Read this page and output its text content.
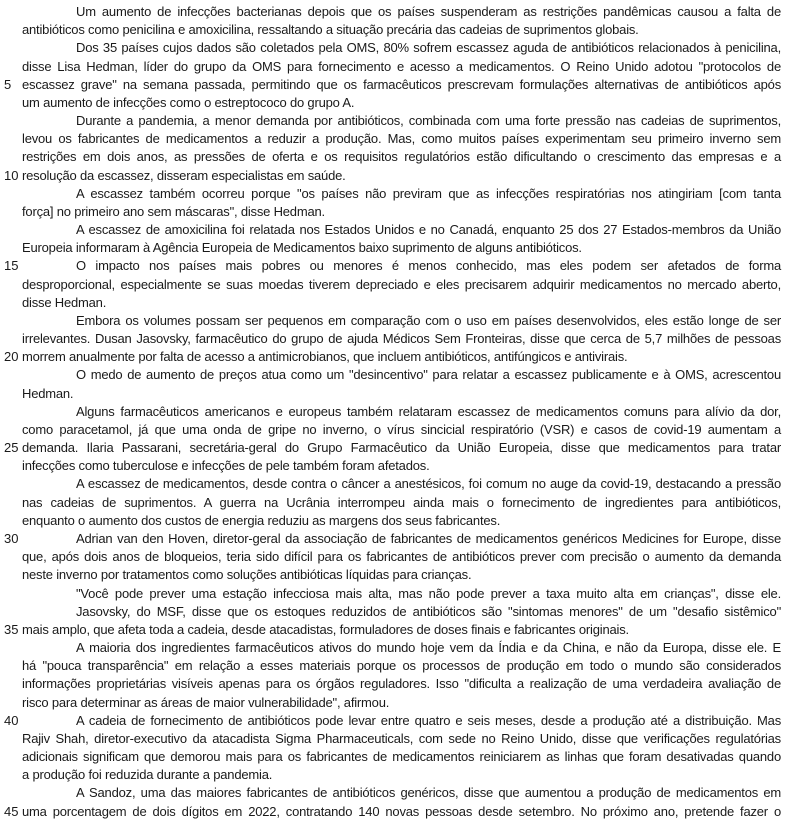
Um aumento de infecções bacterianas depois que os países suspenderam as restrições pandêmicas causou a falta de
antibióticos como penicilina e amoxicilina, ressaltando a situação precária das cadeias de suprimentos globais.
Dos 35 países cujos dados são coletados pela OMS, 80% sofrem escassez aguda de antibióticos relacionados à penicilina,
disse Lisa Hedman, líder do grupo da OMS para fornecimento e acesso a medicamentos. O Reino Unido adotou "protocolos de
5 escassez grave" na semana passada, permitindo que os farmacêuticos prescrevam formulações alternativas de antibióticos após
um aumento de infecções como o estreptococo do grupo A.
Durante a pandemia, a menor demanda por antibióticos, combinada com uma forte pressão nas cadeias de suprimentos,
levou os fabricantes de medicamentos a reduzir a produção. Mas, como muitos países experimentam seu primeiro inverno sem
restrições em dois anos, as pressões de oferta e os requisitos regulatórios estão dificultando o crescimento das empresas e a
10 resolução da escassez, disseram especialistas em saúde.
A escassez também ocorreu porque "os países não previram que as infecções respiratórias nos atingiriam [com tanta
força] no primeiro ano sem máscaras", disse Hedman.
A escassez de amoxicilina foi relatada nos Estados Unidos e no Canadá, enquanto 25 dos 27 Estados-membros da União
Europeia informaram à Agência Europeia de Medicamentos baixo suprimento de alguns antibióticos.
15	O impacto nos países mais pobres ou menores é menos conhecido, mas eles podem ser afetados de forma
desproporcional, especialmente se suas moedas tiverem depreciado e eles precisarem adquirir medicamentos no mercado aberto,
disse Hedman.
Embora os volumes possam ser pequenos em comparação com o uso em países desenvolvidos, eles estão longe de ser
irrelevantes. Dusan Jasovsky, farmacêutico do grupo de ajuda Médicos Sem Fronteiras, disse que cerca de 5,7 milhões de pessoas
20 morrem anualmente por falta de acesso a antimicrobianos, que incluem antibióticos, antifúngicos e antivirais.
O medo de aumento de preços atua como um "desincentivo" para relatar a escassez publicamente e à OMS, acrescentou
Hedman.
Alguns farmacêuticos americanos e europeus também relataram escassez de medicamentos comuns para alívio da dor,
como paracetamol, já que uma onda de gripe no inverno, o vírus sincicial respiratório (VSR) e casos de covid-19 aumentam a
25 demanda. Ilaria Passarani, secretária-geral do Grupo Farmacêutico da União Europeia, disse que medicamentos para tratar
infecções como tuberculose e infecções de pele também foram afetados.
A escassez de medicamentos, desde contra o câncer a anestésicos, foi comum no auge da covid-19, destacando a pressão
nas cadeias de suprimentos. A guerra na Ucrânia interrompeu ainda mais o fornecimento de ingredientes para antibióticos,
enquanto o aumento dos custos de energia reduziu as margens dos seus fabricantes.
30	Adrian van den Hoven, diretor-geral da associação de fabricantes de medicamentos genéricos Medicines for Europe, disse
que, após dois anos de bloqueios, teria sido difícil para os fabricantes de antibióticos prever com precisão o aumento da demanda
neste inverno por tratamentos como soluções antibióticas líquidas para crianças.
"Você pode prever uma estação infecciosa mais alta, mas não pode prever a taxa muito alta em crianças", disse ele.
Jasovsky, do MSF, disse que os estoques reduzidos de antibióticos são "sintomas menores" de um "desafio sistêmico"
35 mais amplo, que afeta toda a cadeia, desde atacadistas, formuladores de doses finais e fabricantes originais.
A maioria dos ingredientes farmacêuticos ativos do mundo hoje vem da Índia e da China, e não da Europa, disse ele. E
há "pouca transparência" em relação a esses materiais porque os processos de produção em todo o mundo são considerados
informações proprietárias visíveis apenas para os órgãos reguladores. Isso "dificulta a realização de uma verdadeira avaliação de
risco para determinar as áreas de maior vulnerabilidade", afirmou.
40	A cadeia de fornecimento de antibióticos pode levar entre quatro e seis meses, desde a produção até a distribuição. Mas
Rajiv Shah, diretor-executivo da atacadista Sigma Pharmaceuticals, com sede no Reino Unido, disse que verificações regulatórias
adicionais significam que demorou mais para os fabricantes de medicamentos reiniciarem as linhas que foram desativadas quando
a produção foi reduzida durante a pandemia.
A Sandoz, uma das maiores fabricantes de antibióticos genéricos, disse que aumentou a produção de medicamentos em
45 uma porcentagem de dois dígitos em 2022, contratando 140 novas pessoas desde setembro. No próximo ano, pretende fazer o
